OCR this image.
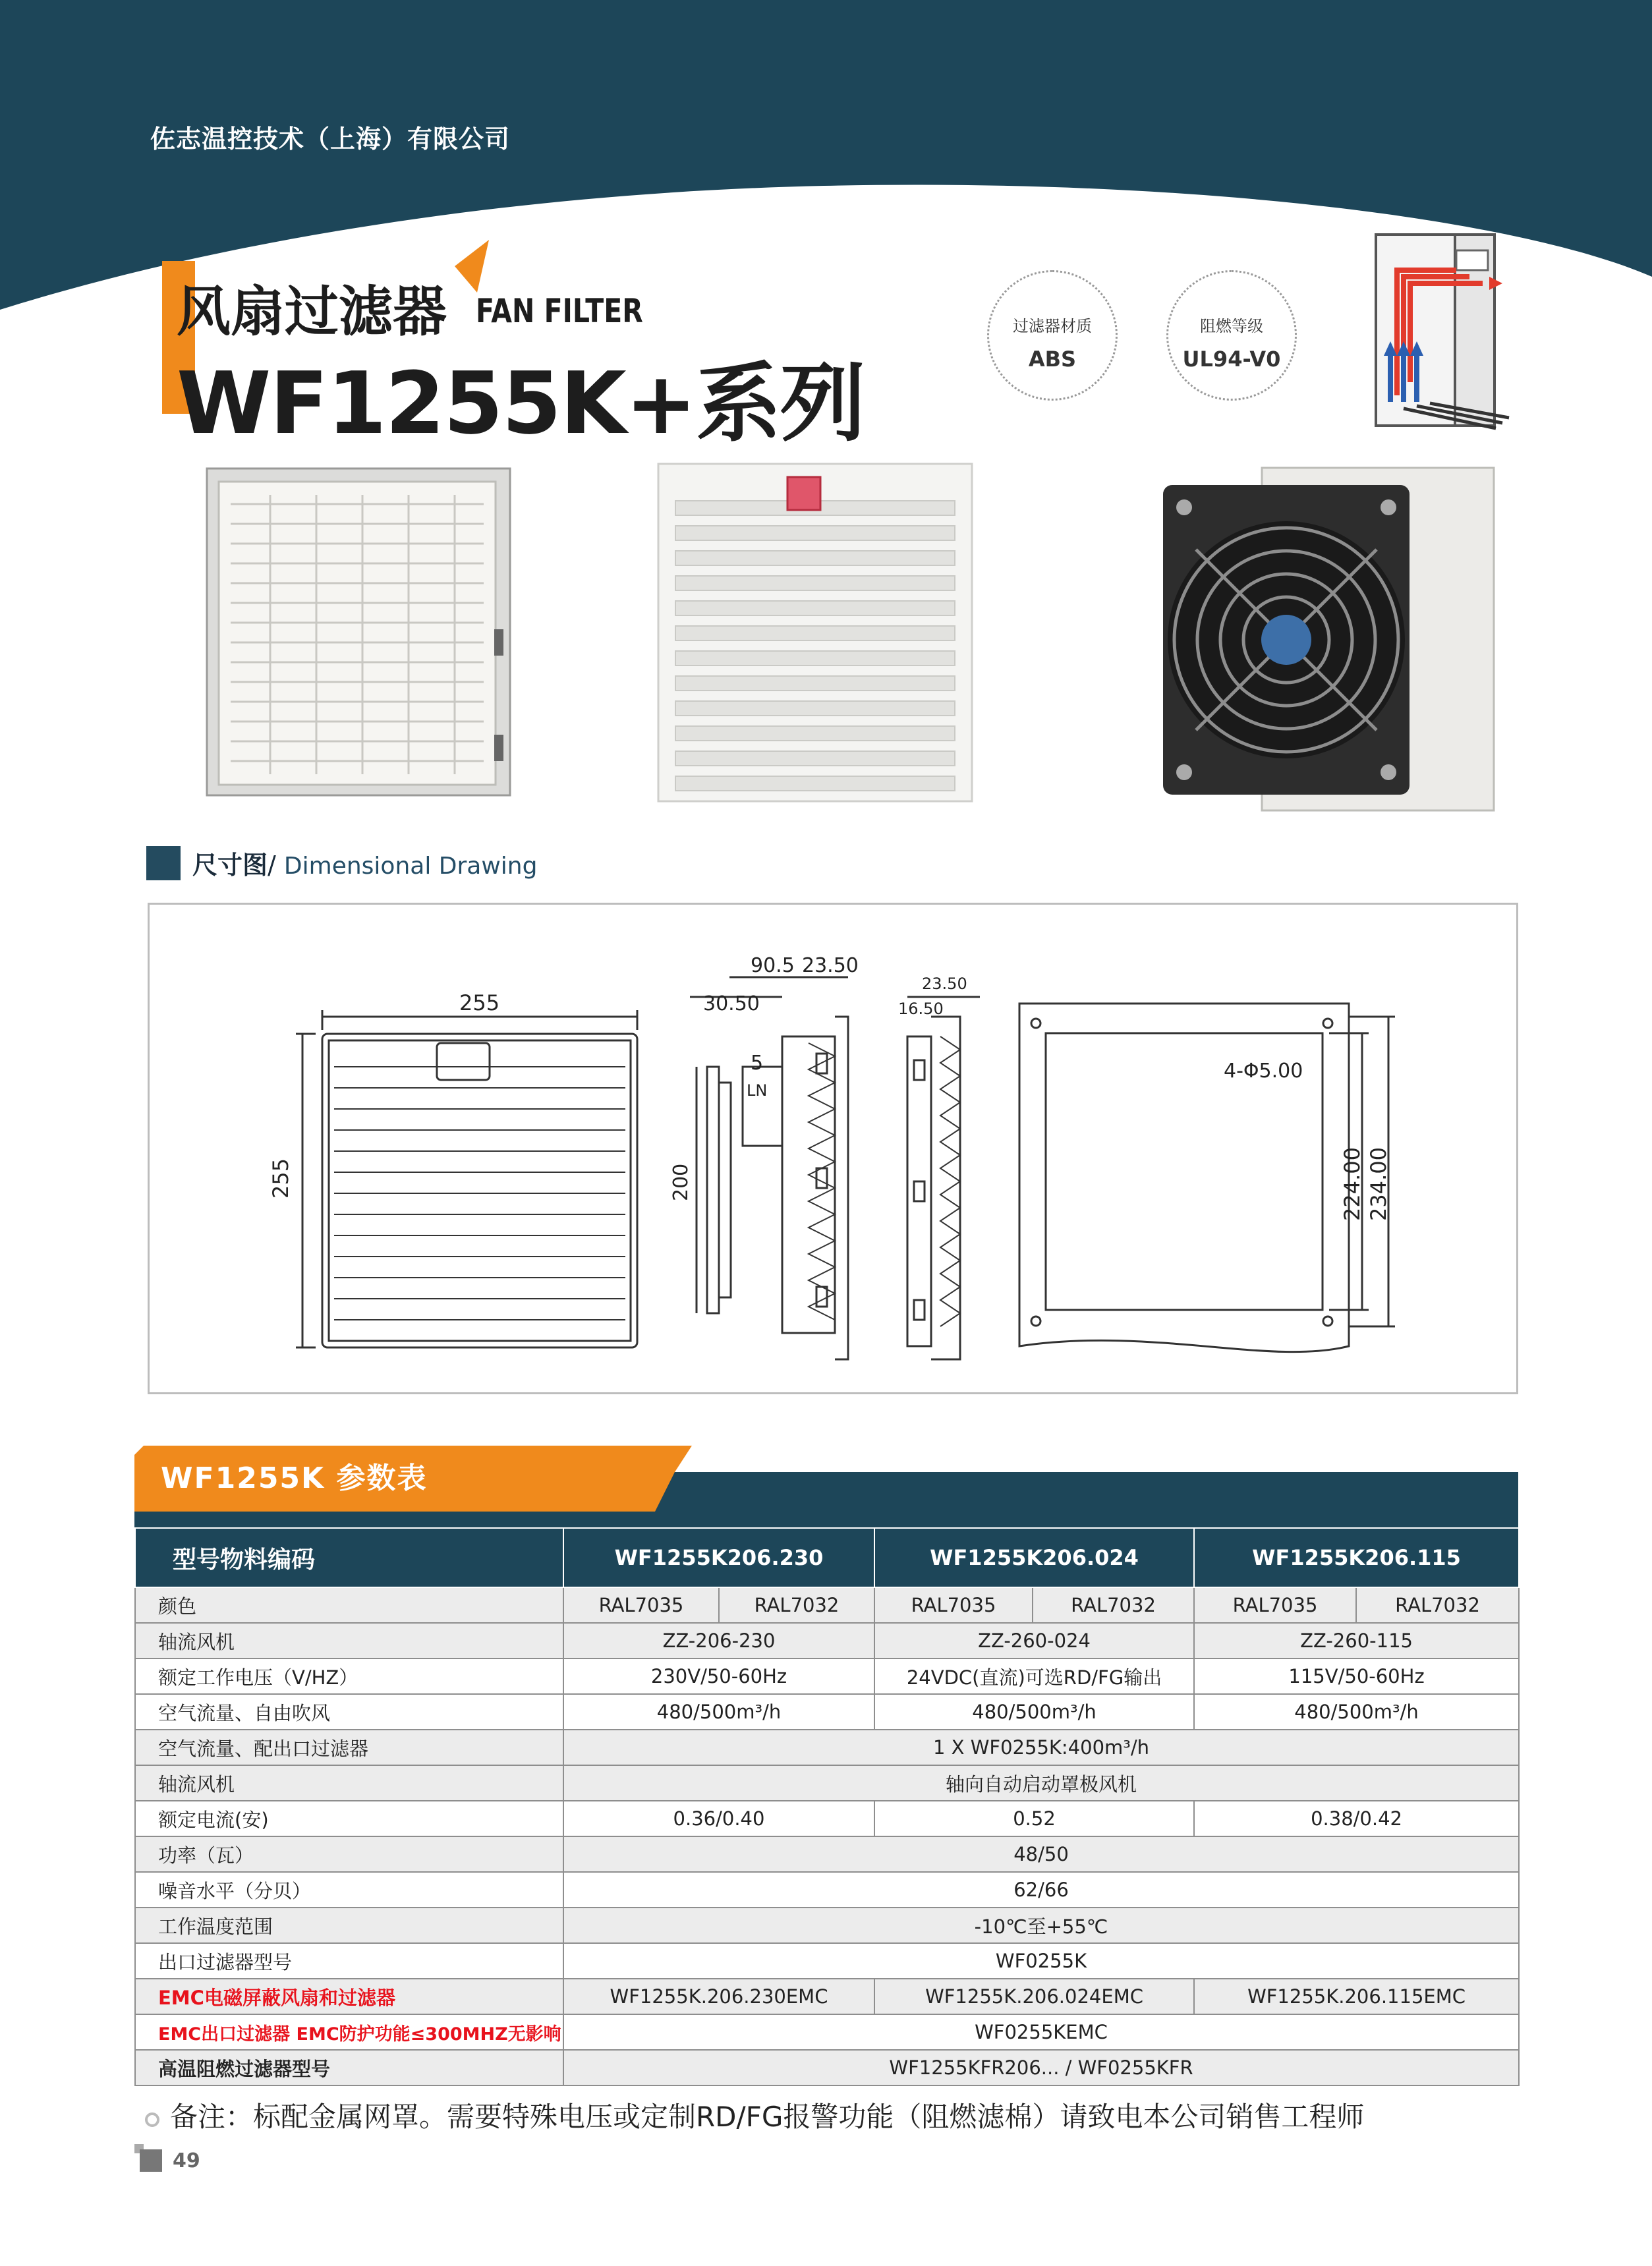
佐志温控技术（上海）有限公司
风扇过滤器 FAN FILTER
WF1255K+系列
过滤器材质
ABS
阻燃等级
UL94-V0
尺寸图/ Dimensional Drawing
255
255
90.5 23.50
30.50
5
200
LN
23.50
16.50
4-Φ5.00
224.00 234.00
WF1255K 参数表
型号物料编码	WF1255K206.230		WF1255K206.024		WF1255K206.115	
颜色	RAL7035	RAL7032	RAL7035	RAL7032	RAL7035	RAL7032
轴流风机	ZZ-206-230		ZZ-260-024		ZZ-260-115	
额定工作电压（V/HZ）	230V/50-60Hz		24VDC(直流)可选RD/FG输出		115V/50-60Hz	
空气流量、自由吹风	480/500m³/h		480/500m³/h		480/500m³/h	
空气流量、配出口过滤器	1 X WF0255K:400m³/h					
轴流风机	轴向自动启动罩极风机					
额定电流(安)	0.36/0.40		0.52		0.38/0.42	
功率（瓦）	48/50					
噪音水平（分贝）	62/66					
工作温度范围	-10℃至+55℃					
出口过滤器型号	WF0255K					
EMC电磁屏蔽风扇和过滤器	WF1255K.206.230EMC		WF1255K.206.024EMC		WF1255K.206.115EMC	
EMC出口过滤器 EMC防护功能≤300MHZ无影响	WF0255KEMC					
高温阻燃过滤器型号	WF1255KFR206... / WF0255KFR					
备注：标配金属网罩。需要特殊电压或定制RD/FG报警功能（阻燃滤棉）请致电本公司销售工程师
49
